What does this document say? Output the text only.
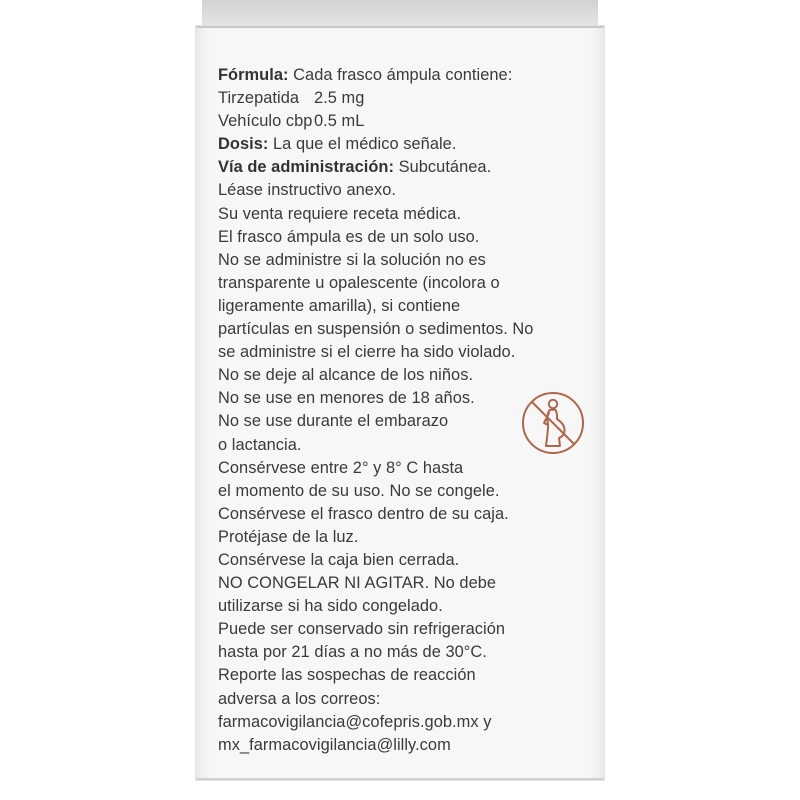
Fórmula: Cada frasco ámpula contiene:
Tirzepatida 2.5 mg
Vehículo cbp0.5 mL
Dosis: La que el médico señale.
Vía de administración: Subcutánea.
Léase instructivo anexo.
Su venta requiere receta médica.
El frasco ámpula es de un solo uso.
No se administre si la solución no es
transparente u opalescente (incolora o
ligeramente amarilla), si contiene
partículas en suspensión o sedimentos. No
se administre si el cierre ha sido violado.
No se deje al alcance de los niños.
No se use en menores de 18 años.
No se use durante el embarazo
o lactancia.
Consérvese entre 2° y 8° C hasta
el momento de su uso. No se congele.
Consérvese el frasco dentro de su caja.
Protéjase de la luz.
Consérvese la caja bien cerrada.
NO CONGELAR NI AGITAR. No debe
utilizarse si ha sido congelado.
Puede ser conservado sin refrigeración
hasta por 21 días a no más de 30°C.
Reporte las sospechas de reacción
adversa a los correos:
farmacovigilancia@cofepris.gob.mx y
mx_farmacovigilancia@lilly.com
